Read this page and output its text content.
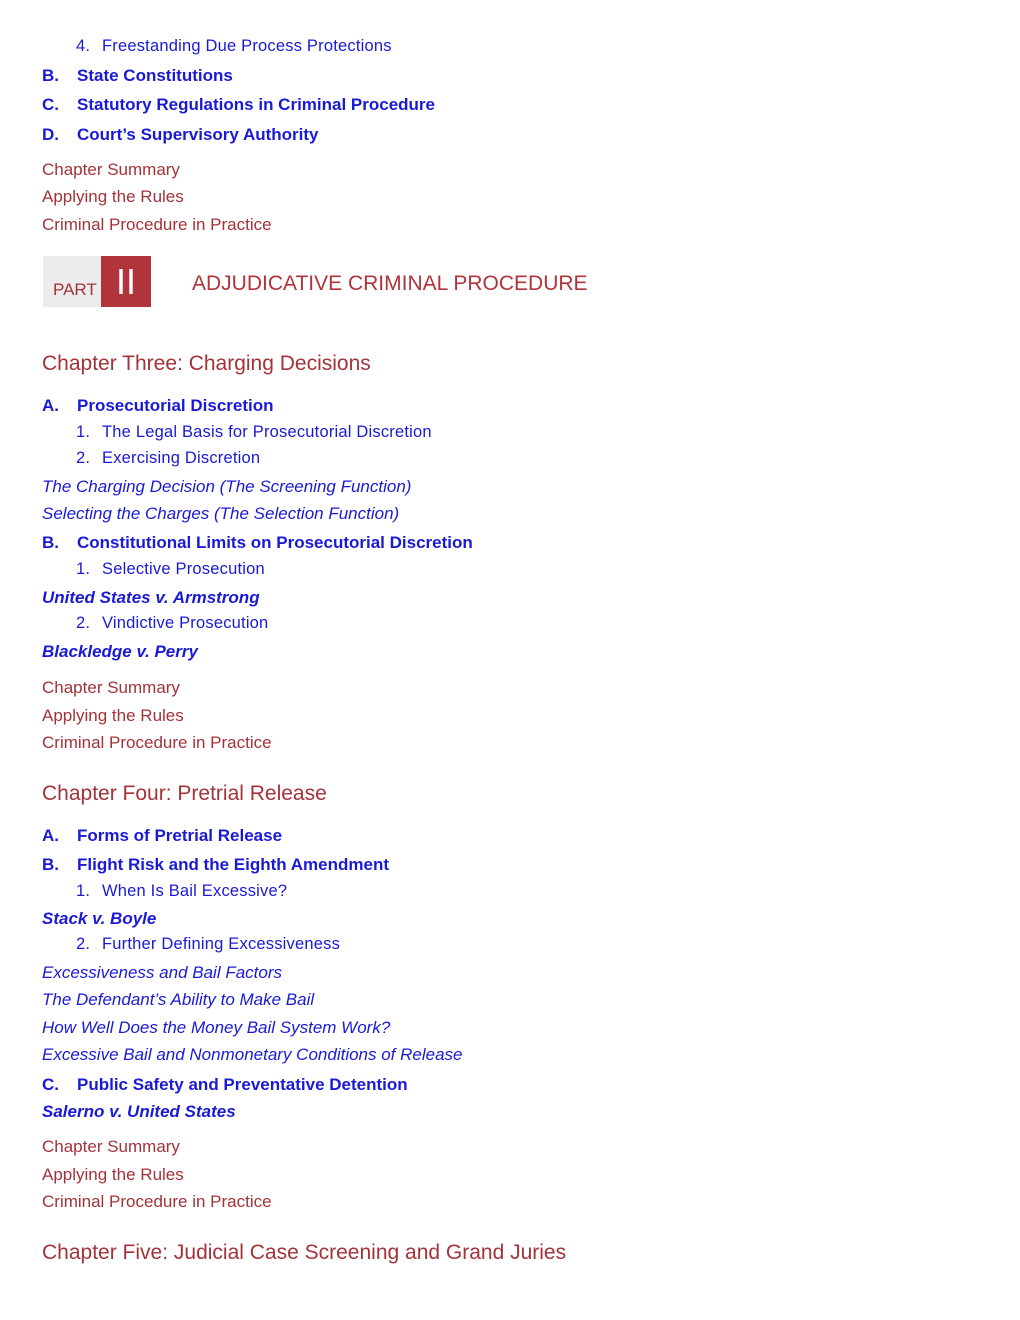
4. Freestanding Due Process Protections
B. State Constitutions
C. Statutory Regulations in Criminal Procedure
D. Court’s Supervisory Authority
Chapter Summary
Applying the Rules
Criminal Procedure in Practice
PART II	ADJUDICATIVE CRIMINAL PROCEDURE
Chapter Three: Charging Decisions
A. Prosecutorial Discretion
1. The Legal Basis for Prosecutorial Discretion
2. Exercising Discretion
The Charging Decision (The Screening Function)
Selecting the Charges (The Selection Function)
B. Constitutional Limits on Prosecutorial Discretion
1. Selective Prosecution
United States v. Armstrong
2. Vindictive Prosecution
Blackledge v. Perry
Chapter Summary
Applying the Rules
Criminal Procedure in Practice
Chapter Four: Pretrial Release
A. Forms of Pretrial Release
B. Flight Risk and the Eighth Amendment
1. When Is Bail Excessive?
Stack v. Boyle
2. Further Defining Excessiveness
Excessiveness and Bail Factors
The Defendant’s Ability to Make Bail
How Well Does the Money Bail System Work?
Excessive Bail and Nonmonetary Conditions of Release
C. Public Safety and Preventative Detention
Salerno v. United States
Chapter Summary
Applying the Rules
Criminal Procedure in Practice
Chapter Five: Judicial Case Screening and Grand Juries
